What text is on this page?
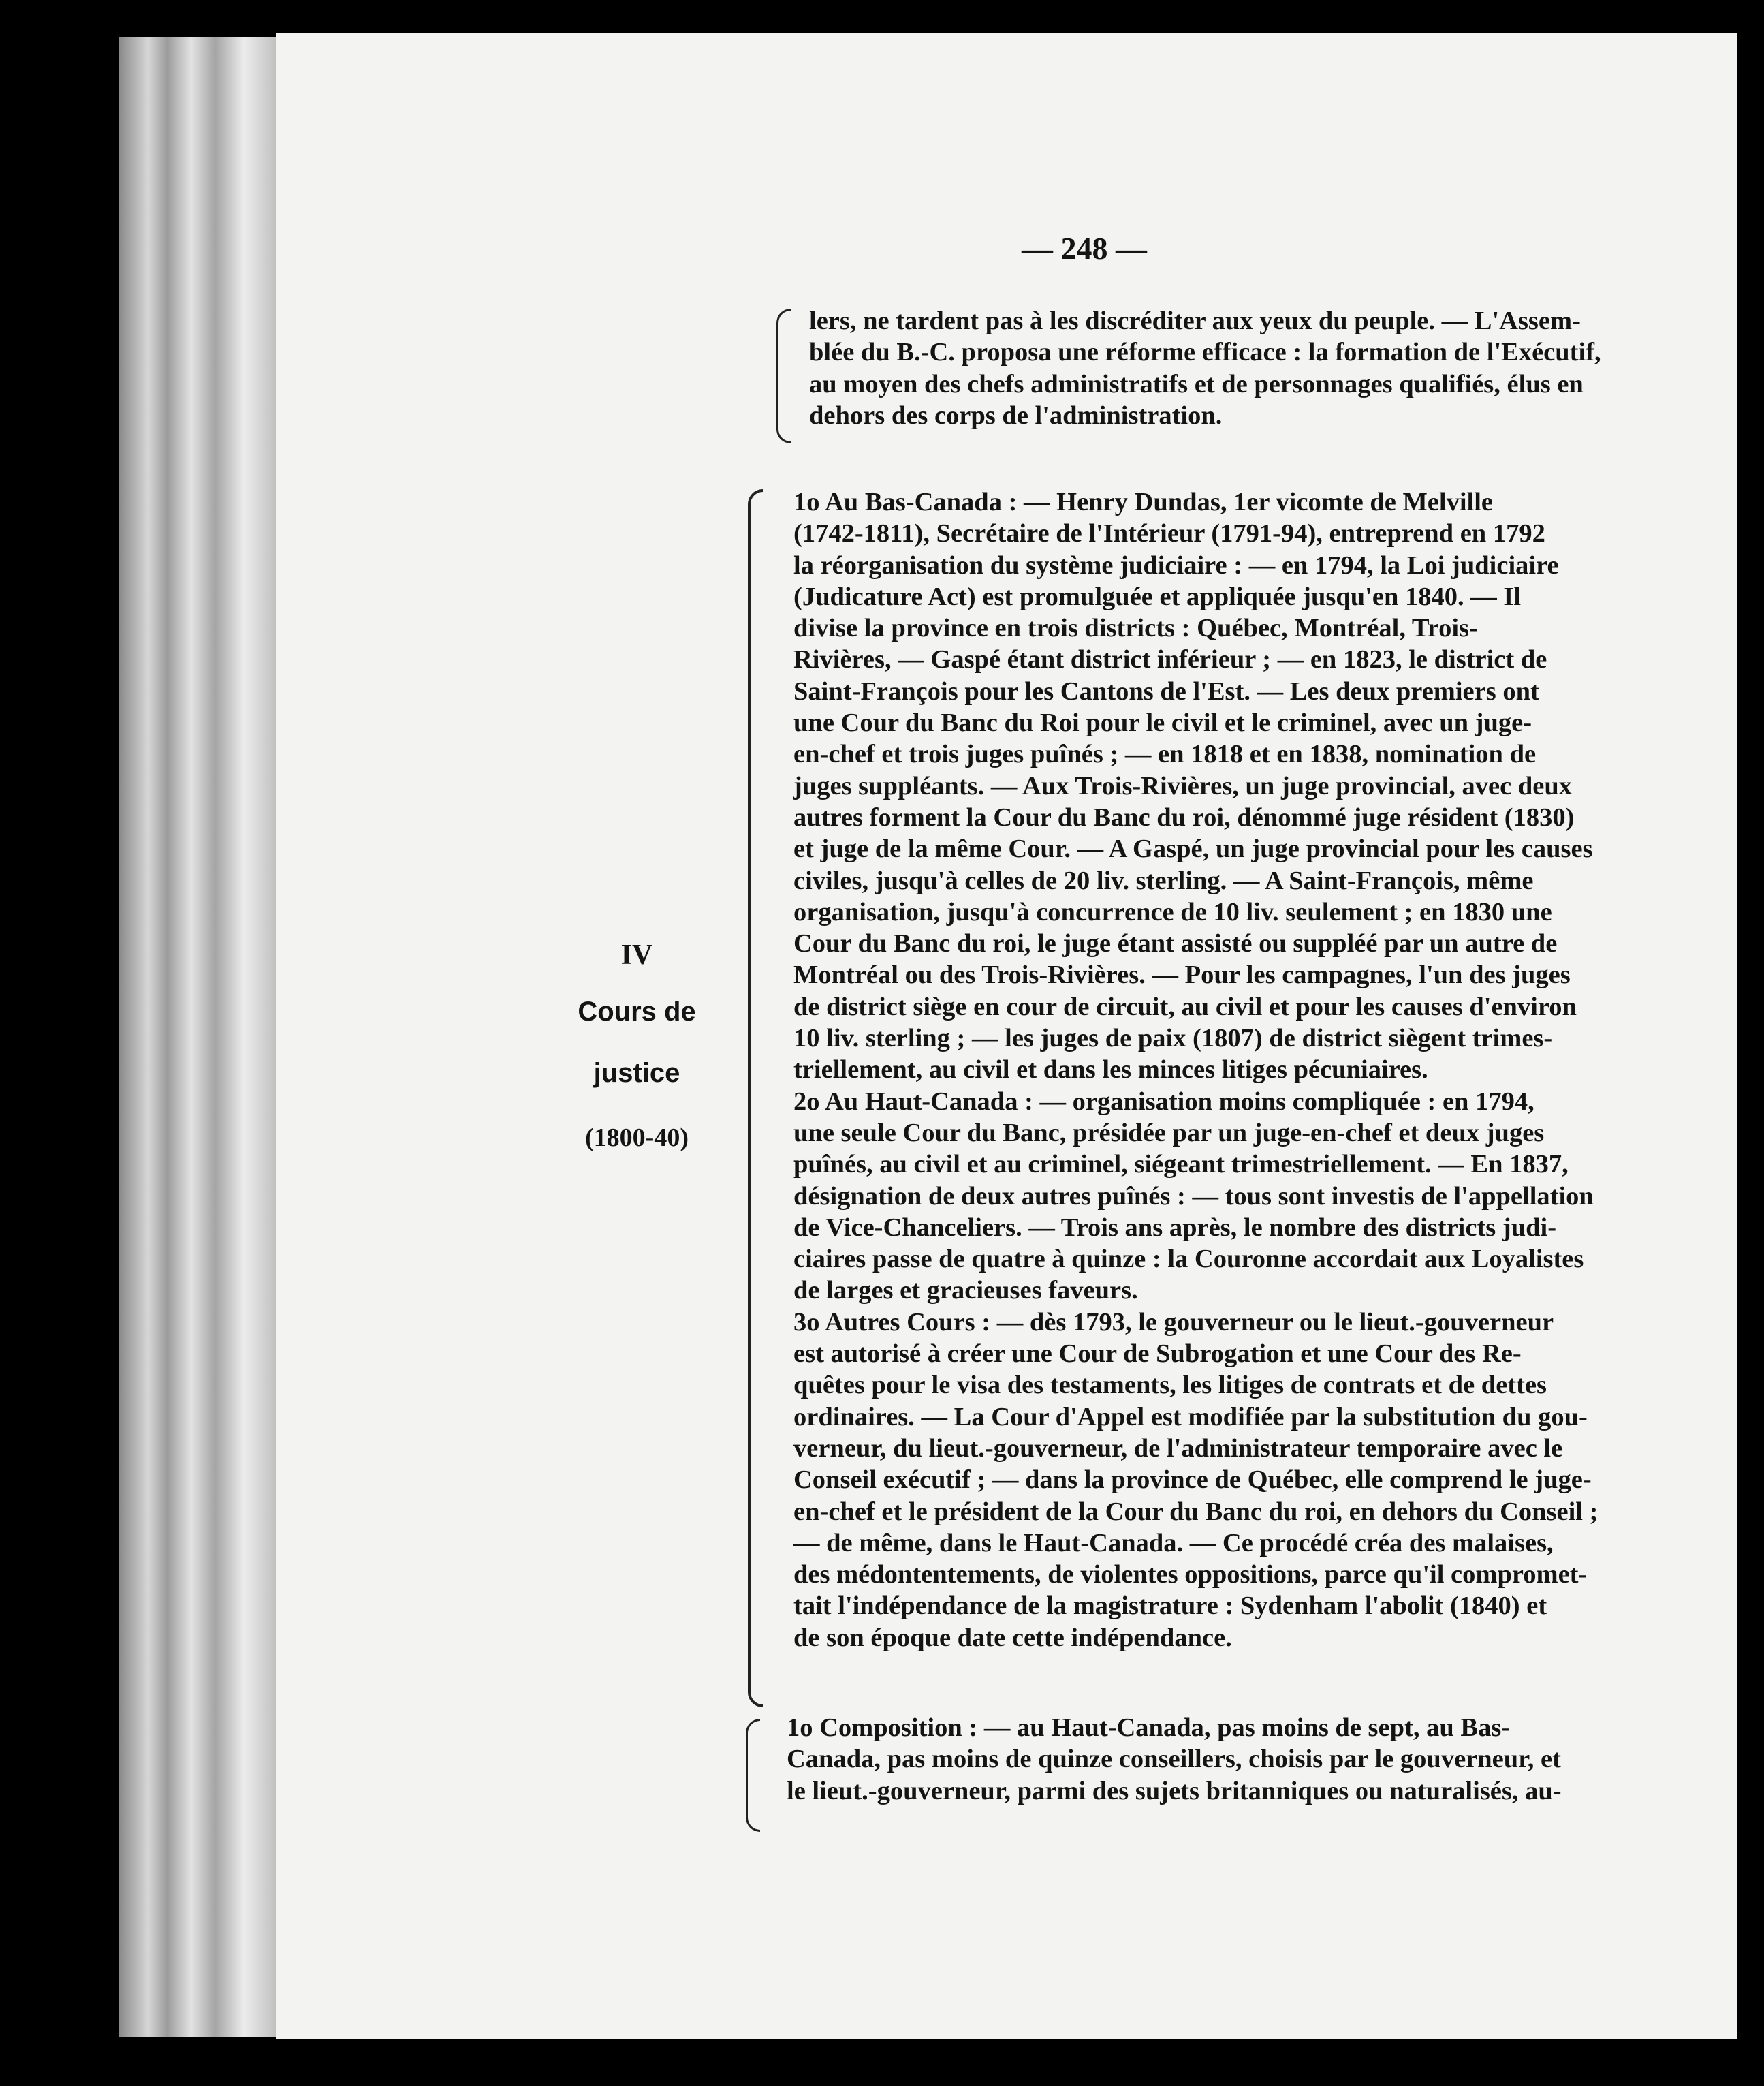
— 248 —
lers, ne tardent pas à les discréditer aux yeux du peuple. — L'Assem-
blée du B.-C. proposa une réforme efficace : la formation de l'Exécutif,
au moyen des chefs administratifs et de personnages qualifiés, élus en
dehors des corps de l'administration.
IV
Cours de
justice
(1800-40)
1o Au Bas-Canada : — Henry Dundas, 1er vicomte de Melville
(1742-1811), Secrétaire de l'Intérieur (1791-94), entreprend en 1792
la réorganisation du système judiciaire : — en 1794, la Loi judiciaire
(Judicature Act) est promulguée et appliquée jusqu'en 1840. — Il
divise la province en trois districts : Québec, Montréal, Trois-
Rivières, — Gaspé étant district inférieur ; — en 1823, le district de
Saint-François pour les Cantons de l'Est. — Les deux premiers ont
une Cour du Banc du Roi pour le civil et le criminel, avec un juge-
en-chef et trois juges puînés ; — en 1818 et en 1838, nomination de
juges suppléants. — Aux Trois-Rivières, un juge provincial, avec deux
autres forment la Cour du Banc du roi, dénommé juge résident (1830)
et juge de la même Cour. — A Gaspé, un juge provincial pour les causes
civiles, jusqu'à celles de 20 liv. sterling. — A Saint-François, même
organisation, jusqu'à concurrence de 10 liv. seulement ; en 1830 une
Cour du Banc du roi, le juge étant assisté ou suppléé par un autre de
Montréal ou des Trois-Rivières. — Pour les campagnes, l'un des juges
de district siège en cour de circuit, au civil et pour les causes d'environ
10 liv. sterling ; — les juges de paix (1807) de district siègent trimes-
triellement, au civil et dans les minces litiges pécuniaires.
2o Au Haut-Canada : — organisation moins compliquée : en 1794,
une seule Cour du Banc, présidée par un juge-en-chef et deux juges
puînés, au civil et au criminel, siégeant trimestriellement. — En 1837,
désignation de deux autres puînés : — tous sont investis de l'appellation
de Vice-Chanceliers. — Trois ans après, le nombre des districts judi-
ciaires passe de quatre à quinze : la Couronne accordait aux Loyalistes
de larges et gracieuses faveurs.
3o Autres Cours : — dès 1793, le gouverneur ou le lieut.-gouverneur
est autorisé à créer une Cour de Subrogation et une Cour des Re-
quêtes pour le visa des testaments, les litiges de contrats et de dettes
ordinaires. — La Cour d'Appel est modifiée par la substitution du gou-
verneur, du lieut.-gouverneur, de l'administrateur temporaire avec le
Conseil exécutif ; — dans la province de Québec, elle comprend le juge-
en-chef et le président de la Cour du Banc du roi, en dehors du Conseil ;
— de même, dans le Haut-Canada. — Ce procédé créa des malaises,
des médontentements, de violentes oppositions, parce qu'il compromet-
tait l'indépendance de la magistrature : Sydenham l'abolit (1840) et
de son époque date cette indépendance.
1o Composition : — au Haut-Canada, pas moins de sept, au Bas-
Canada, pas moins de quinze conseillers, choisis par le gouverneur, et
le lieut.-gouverneur, parmi des sujets britanniques ou naturalisés, au-
